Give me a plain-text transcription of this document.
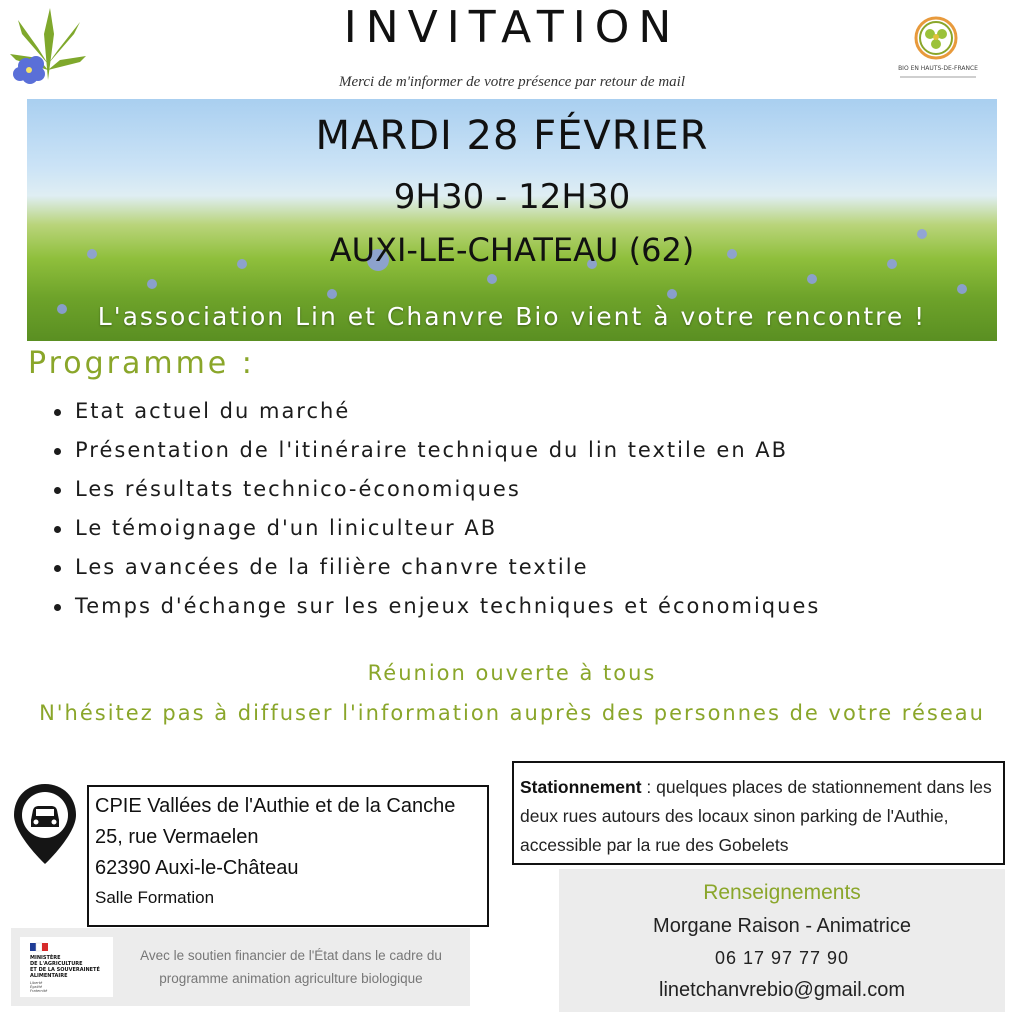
INVITATION
BIO EN HAUTS-DE-FRANCE
Merci de m'informer de votre présence par retour de mail
MARDI 28 FÉVRIER
9H30 - 12H30
AUXI-LE-CHATEAU (62)
L'association Lin et Chanvre Bio vient à votre rencontre !
Programme :
Etat actuel du marché
Présentation de l'itinéraire technique du lin textile en AB
Les résultats technico-économiques
Le témoignage d'un liniculteur AB
Les avancées de la filière chanvre textile
Temps d'échange sur les enjeux techniques et économiques
Réunion ouverte à tous
N'hésitez pas à diffuser l'information auprès des personnes de votre réseau
CPIE Vallées de l'Authie et de la Canche
25, rue Vermaelen
62390 Auxi-le-Château
Salle Formation
Stationnement : quelques places de stationnement dans les deux rues autours des locaux sinon parking de l'Authie, accessible par la rue des Gobelets
MINISTÈRE
DE L'AGRICULTURE
ET DE LA SOUVERAINETÉ
ALIMENTAIRE
Liberté
Égalité
Fraternité
Avec le soutien financier de l'État dans le cadre du programme animation agriculture biologique
Renseignements
Morgane Raison - Animatrice
06 17 97 77 90
linetchanvrebio@gmail.com
